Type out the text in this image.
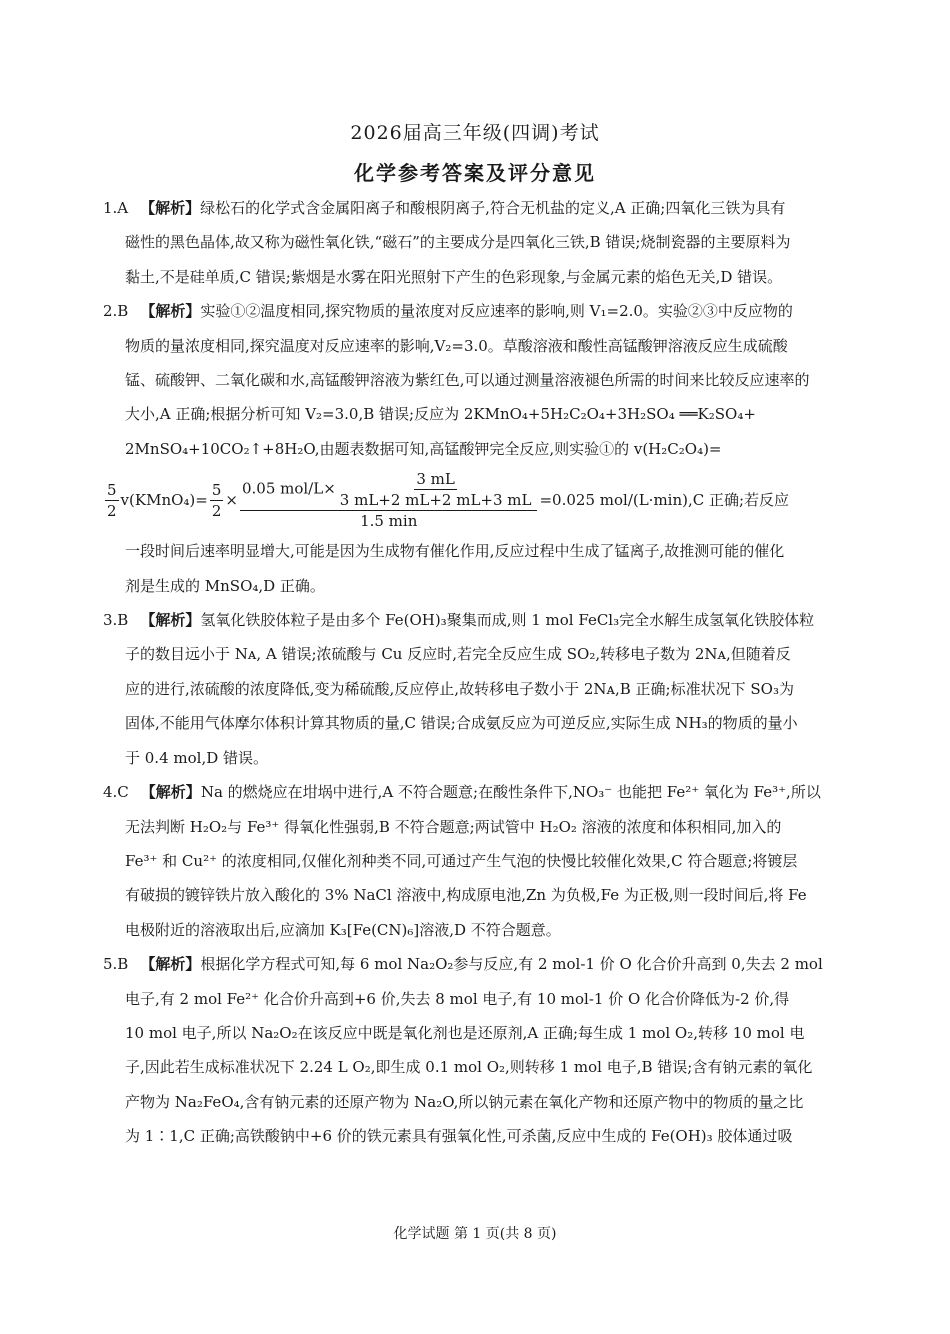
2026届高三年级(四调)考试
化学参考答案及评分意见
1.A 【解析】绿松石的化学式含金属阳离子和酸根阴离子,符合无机盐的定义,A 正确;四氧化三铁为具有
磁性的黑色晶体,故又称为磁性氧化铁,“磁石”的主要成分是四氧化三铁,B 错误;烧制瓷器的主要原料为
黏土,不是硅单质,C 错误;紫烟是水雾在阳光照射下产生的色彩现象,与金属元素的焰色无关,D 错误。
2.B 【解析】实验①②温度相同,探究物质的量浓度对反应速率的影响,则 V₁=2.0。实验②③中反应物的
物质的量浓度相同,探究温度对反应速率的影响,V₂=3.0。草酸溶液和酸性高锰酸钾溶液反应生成硫酸
锰、硫酸钾、二氧化碳和水,高锰酸钾溶液为紫红色,可以通过测量溶液褪色所需的时间来比较反应速率的
大小,A 正确;根据分析可知 V₂=3.0,B 错误;反应为 2KMnO₄+5H₂C₂O₄+3H₂SO₄ ══K₂SO₄+
2MnSO₄+10CO₂↑+8H₂O,由题表数据可知,高锰酸钾完全反应,则实验①的 v(H₂C₂O₄)=
$\frac{5}{2}$ v(KMnO₄)= $\frac{5}{2} \times \frac{0.05 mol/L\times \frac{3 mL}{3 mL+2 mL+2 mL+3 mL}}{1.5 \min} =0.025$ mol/(L·min),C 正确;若反应
一段时间后速率明显增大,可能是因为生成物有催化作用,反应过程中生成了锰离子,故推测可能的催化
剂是生成的 MnSO₄,D 正确。
3.B 【解析】氢氧化铁胶体粒子是由多个 Fe(OH)₃聚集而成,则 1 mol FeCl₃完全水解生成氢氧化铁胶体粒
子的数目远小于 Nᴀ, A 错误;浓硫酸与 Cu 反应时,若完全反应生成 SO₂,转移电子数为 2Nᴀ,但随着反
应的进行,浓硫酸的浓度降低,变为稀硫酸,反应停止,故转移电子数小于 2Nᴀ,B 正确;标准状况下 SO₃为
固体,不能用气体摩尔体积计算其物质的量,C 错误;合成氨反应为可逆反应,实际生成 NH₃的物质的量小
于 0.4 mol,D 错误。
4.C 【解析】Na 的燃烧应在坩埚中进行,A 不符合题意;在酸性条件下,NO₃⁻ 也能把 Fe²⁺ 氧化为 Fe³⁺,所以
无法判断 H₂O₂与 Fe³⁺ 得氧化性强弱,B 不符合题意;两试管中 H₂O₂ 溶液的浓度和体积相同,加入的
Fe³⁺ 和 Cu²⁺ 的浓度相同,仅催化剂种类不同,可通过产生气泡的快慢比较催化效果,C 符合题意;将镀层
有破损的镀锌铁片放入酸化的 3% NaCl 溶液中,构成原电池,Zn 为负极,Fe 为正极,则一段时间后,将 Fe
电极附近的溶液取出后,应滴加 K₃[Fe(CN)₆]溶液,D 不符合题意。
5.B 【解析】根据化学方程式可知,每 6 mol Na₂O₂参与反应,有 2 mol-1 价 O 化合价升高到 0,失去 2 mol
电子,有 2 mol Fe²⁺ 化合价升高到+6 价,失去 8 mol 电子,有 10 mol-1 价 O 化合价降低为-2 价,得
10 mol 电子,所以 Na₂O₂在该反应中既是氧化剂也是还原剂,A 正确;每生成 1 mol O₂,转移 10 mol 电
子,因此若生成标准状况下 2.24 L O₂,即生成 0.1 mol O₂,则转移 1 mol 电子,B 错误;含有钠元素的氧化
产物为 Na₂FeO₄,含有钠元素的还原产物为 Na₂O,所以钠元素在氧化产物和还原产物中的物质的量之比
为 1∶1,C 正确;高铁酸钠中+6 价的铁元素具有强氧化性,可杀菌,反应中生成的 Fe(OH)₃ 胶体通过吸
化学试题 第 1 页(共 8 页)
